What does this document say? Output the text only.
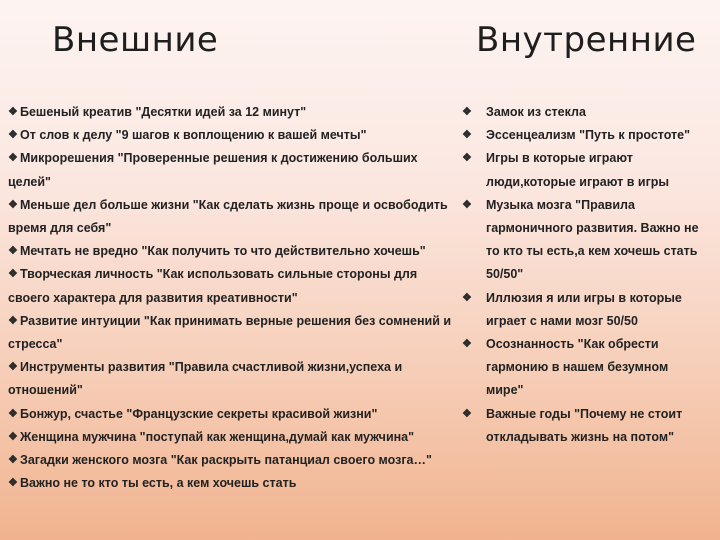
Внешние	Внутренние

❖ Бешеный креатив "Десятки идей за 12 минут"

❖ От слов к делу "9 шагов к воплощению к вашей мечты"

❖ Микрорешения "Проверенные решения к достижению больших
целей"

❖ Меньше дел больше жизни "Как сделать жизнь проще и освободить
время для себя"

❖ Мечтать не вредно "Как получить то что действительно хочешь"

❖ Творческая личность "Как использовать сильные стороны для
своего характера для развития креативности"

❖ Развитие интуиции "Как принимать верные решения без сомнений и
стресса"

❖ Инструменты развития "Правила счастливой жизни,успеха и
отношений"

❖ Бонжур, счастье "Французские секреты красивой жизни"

❖ Женщина мужчина "поступай как женщина,думай как мужчина"

❖ Загадки женского мозга "Как раскрыть патанциал своего мозга…"

❖ Важно не то кто ты есть, а кем хочешь стать

❖ Замок из стекла

❖ Эссенцеализм "Путь к простоте"

❖ Игры в которые играют
люди,которые играют в игры

❖ Музыка мозга "Правила
гармоничного развития. Важно не
то кто ты есть,а кем хочешь стать
50/50"

❖ Иллюзия я или игры в которые
играет с нами мозг 50/50

❖ Осознанность "Как обрести
гармонию в нашем безумном
мире"

❖ Важные годы "Почему не стоит
откладывать жизнь на потом"
